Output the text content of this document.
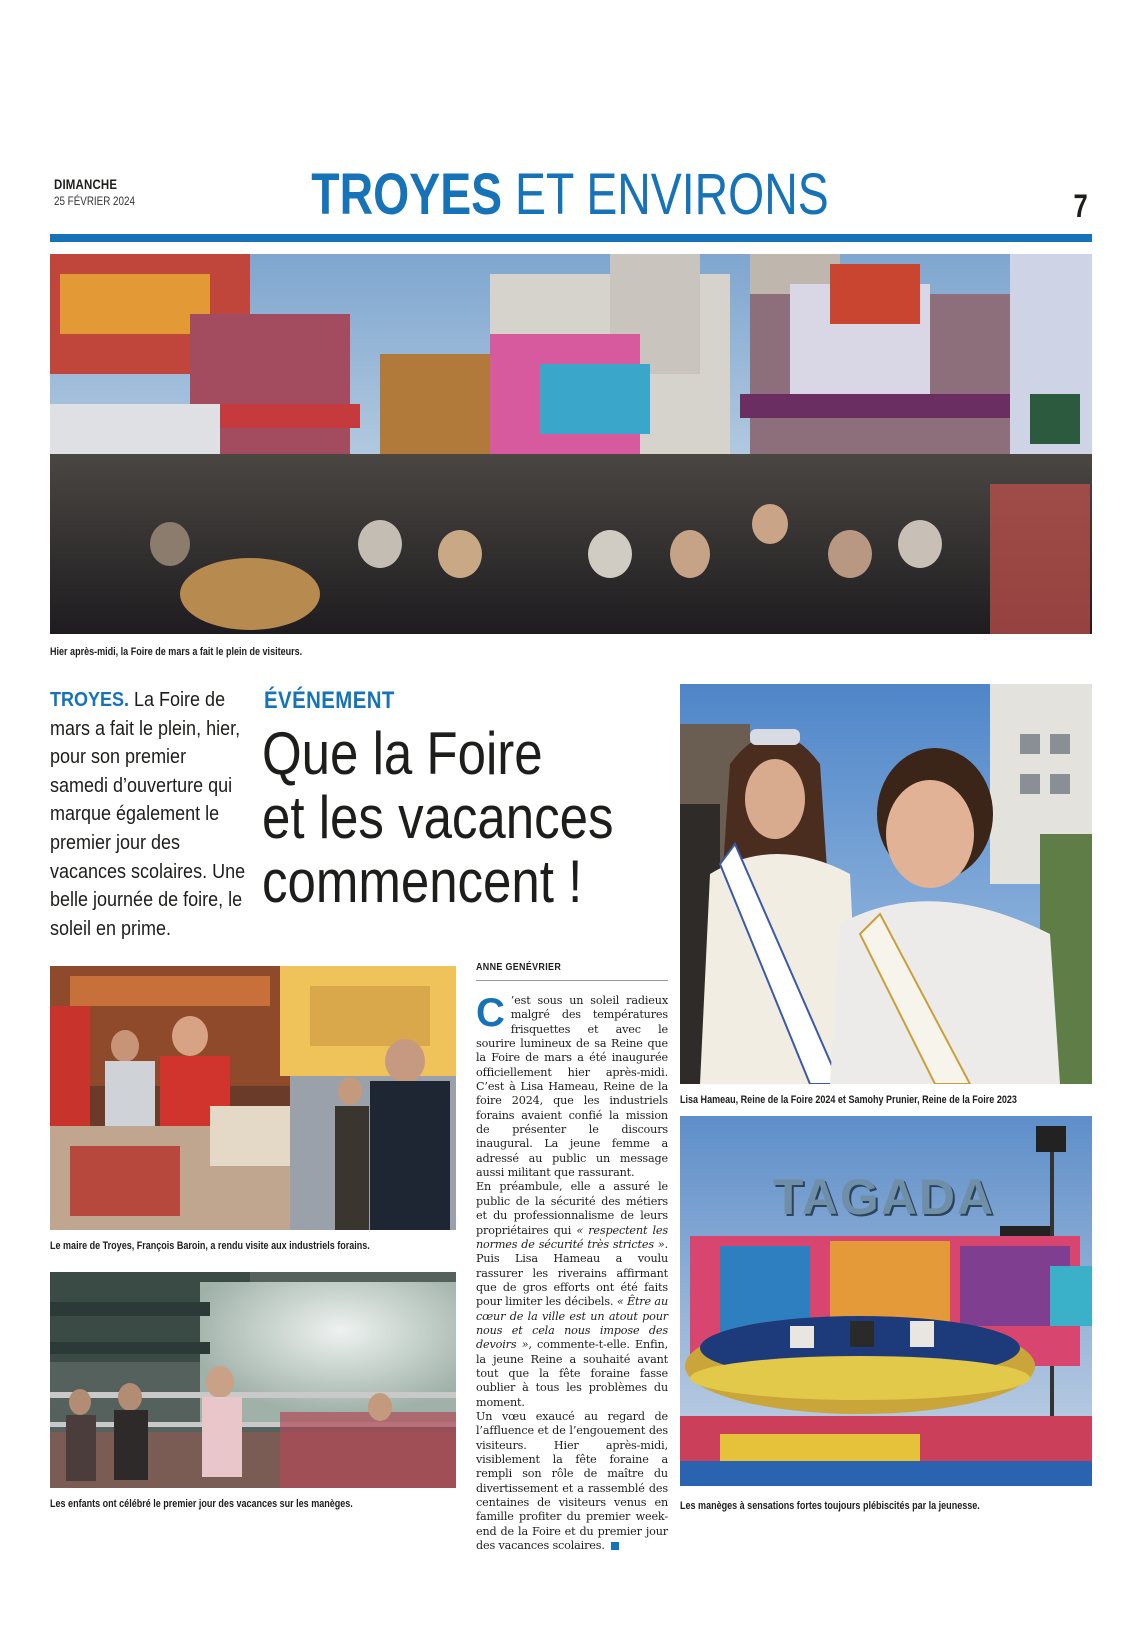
DIMANCHE
25 FÉVRIER 2024	TROYES ET ENVIRONS	7
Hier après-midi, la Foire de mars a fait le plein de visiteurs.
TROYES. La Foire de mars a fait le plein, hier, pour son premier samedi d’ouverture qui marque également le premier jour des vacances scolaires. Une belle journée de foire, le soleil en prime.
ÉVÉNEMENT
Que la Foire
et les vacances
commencent !
Lisa Hameau, Reine de la Foire 2024 et Samohy Prunier, Reine de la Foire 2023
Le maire de Troyes, François Baroin, a rendu visite aux industriels forains.
Les enfants ont célébré le premier jour des vacances sur les manèges.
TAGADA
Les manèges à sensations fortes toujours plébiscités par la jeunesse.
ANNE GENÉVRIER

C ’est sous un soleil radieux malgré des températures frisquettes et avec le sourire lumineux de sa Reine que la Foire de mars a été inaugurée officiellement hier après-midi. C’est à Lisa Hameau, Reine de la foire 2024, que les industriels forains avaient confié la mission de présenter le discours inaugural. La jeune femme a adressé au public un message aussi militant que rassurant.

En préambule, elle a assuré le public de la sécurité des métiers et du professionnalisme de leurs propriétaires qui « respectent les normes de sécurité très strictes ». Puis Lisa Hameau a voulu rassurer les riverains affirmant que de gros efforts ont été faits pour limiter les décibels. « Être au cœur de la ville est un atout pour nous et cela nous impose des devoirs », commente-t-elle. Enfin, la jeune Reine a souhaité avant tout que la fête foraine fasse oublier à tous les problèmes du moment.

Un vœu exaucé au regard de l’affluence et de l’engouement des visiteurs. Hier après-midi, visiblement la fête foraine a rempli son rôle de maître du divertissement et a rassemblé des centaines de visiteurs venus en famille profiter du premier week-end de la Foire et du premier jour des vacances scolaires.
